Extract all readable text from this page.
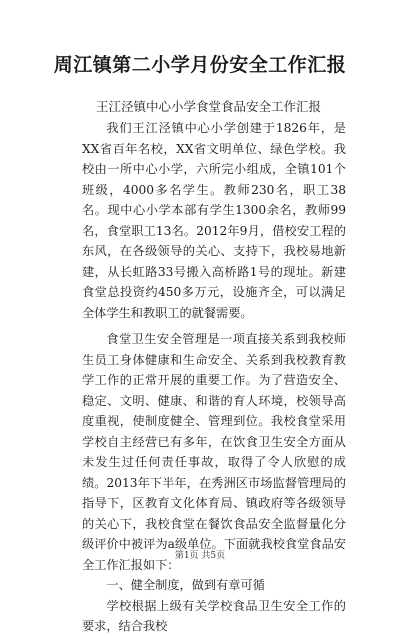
周江镇第二小学月份安全工作汇报
王江泾镇中心小学食堂食品安全工作汇报

我们王江泾镇中心小学创建于1826年，是XX省百年名校，XX省文明单位、绿色学校。我校由一所中心小学，六所完小组成，全镇101个班级，4000多名学生。教师230名，职工38名。现中心小学本部有学生1300余名，教师99名，食堂职工13名。2012年9月，借校安工程的东风，在各级领导的关心、支持下，我校易地新建，从长虹路33号搬入高桥路1号的现址。新建食堂总投资约450多万元，设施齐全，可以满足全体学生和教职工的就餐需要。

食堂卫生安全管理是一项直接关系到我校师生员工身体健康和生命安全、关系到我校教育教学工作的正常开展的重要工作。为了营造安全、稳定、文明、健康、和谐的育人环境，校领导高度重视，使制度健全、管理到位。我校食堂采用学校自主经营已有多年，在饮食卫生安全方面从未发生过任何责任事故，取得了令人欣慰的成绩。2013年下半年，在秀洲区市场监督管理局的指导下，区教育文化体育局、镇政府等各级领导的关心下，我校食堂在餐饮食品安全监督量化分级评价中被评为a级单位。下面就我校食堂食品安全工作汇报如下：

一、健全制度，做到有章可循

学校根据上级有关学校食品卫生安全工作的要求，结合我校

第1页 共5页
